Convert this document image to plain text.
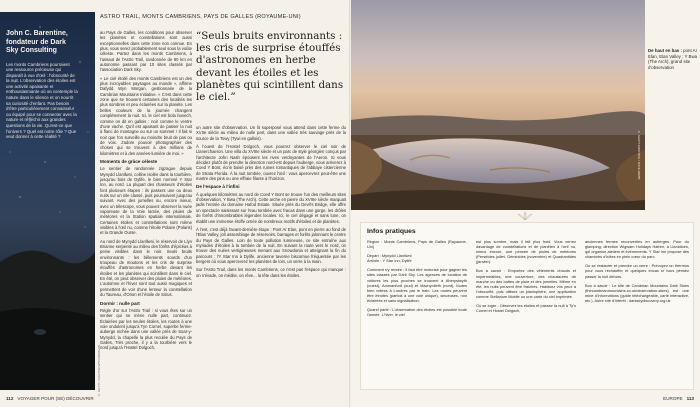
ASTRO TRAIL, MONTS CAMBRIENS, PAYS DE GALLES (ROYAUME-UNI)
John C. Barentine, fondateur de Dark Sky Consulting
Les monts Cambriens pourraient une ressource précieuse qui disparaît à vue d'œil : l'obscurité de la nuit. L'observation des étoiles est une activité apaisante et enthousiasmante où on contemple la nature dans le silence et on nourrit sa curiosité d'enfant. Pas besoin d'être particulièrement connaisseur ou équipé pour se connecter avec la nature et réfléchir aux grandes questions de la vie. Qu'est-ce que l'univers ? Quel est notre rôle ? Que veut donner à cette réalité ?

au Pays de Galles, les conditions pour observer les planètes et constellations sont aussi exceptionnelles dans cette zone non connue. En plus, vous serez probablement seul sous la voûte céleste. Partez dans les monts Cambriens, à l'assaut de l'Astro Trail, randonnée de 80 km en autonomie passant par 10 sites classés par l'association Dark Sky.

« Le ciel étoilé des monts Cambriens est un des plus incroyables paysages au monde », affirme Dafydd Wyn Morgan, gestionnaire de la Cambrian Mountains Initiative. « C'est dans cette zone que se trouvent certaines des localités les plus sombres et peu éclairées sur la planète. Les belles couleurs de la journée changent complètement la nuit. Ici, le ciel est bola buvech, comme on dit en gallois : noir comme le ventre d'une vache. Qu'il est apaisant de passer la nuit à flanc de montagne ou sur un sommet ! Il fait si noir que l'on surveille au moindre bruit de pas ou de voix. J'adore pouvoir photographier des choses qui se trouvent à des millions de kilomètres et à des années-lumière de moi. »

Moments de grâce céleste

Le sentier de randonnée zigzague depuis Mynydd Llanllwni, colline isolée dans la tourbière, jusqu'au bois de Dylife, le bien nommé Y Star Inn, au nord. La plupart des chasseurs d'étoiles font plusieurs étapes : ils passent une ou deux nuits sur un site classé, puis poursuivent jusqu'au suivant. Avec des jumelles ou, encore mieux, avec un télescope, vous pouvez observer la nuée vaporeuse de la Voie lactée, des pluies de météores et la Station spatiale internationale. Certaines étoiles et constellations sont même visibles à l'œil nu, comme l'étoile Polaire (Polaris) et la Grande Ourse.

Au nord de Mynydd Llanllwni, le réservoir de Llyn Brianne serpente au milieu des forêts d'épicéas à peine visibles dans le noir. Seuls bruits environnants : les bêlements sourds d'un troupeau de moutons et les cris de surprise étouffés d'astronomes en herbe devant les étoiles et les planètes qui scintillent dans le ciel. En été, on peut observer des pluies de météores. L'automne et l'hiver sont tout aussi magiques et permettent de voir d'une lenteur la constellation du Taureau, d'Orion et l'étoile de Sirius.

Dormir : nulle part

Règle d'or sur l'Astro Trail : si vous êtes sur un sentier qui ne mène nulle part, continuez. Éclairées par les seules étoiles, les routes à une voie ondulent jusqu'à Tyn Cornel, superbe ferme-auberge nichée dans une vallée près de Soar-y-Mynydd, la chapelle la plus reculée du Pays de Galles. Très proche, il y a la tourbière vers le nord jusqu'à l'Hostel Dolgoch,

“Seuls bruits environnants : les cris de surprise étouffés d'astronomes en herbe devant les étoiles et les planètes qui scintillent dans le ciel.”

un autre site d'observation. Un lit superposé vous attend dans cette ferme du XVIIe siècle au milieu de nulle part, dans une vallée très sauvage près de la source de la Towy (Tywi en gallois).

À l'ouest de l'Hostel Dolgoch, vous pourrez observer le ciel noir de Llanerchaeron. Une villa du XVIIIe siècle et un parc de style géorgien conçus par l'architecte John Nash épousent les rives verdoyantes de l'Aeron. Si vous décidez plutôt de prendre la direction nord-est depuis l'auberge, vous arriverez à Coed Y Bont, écrin boisé près des ruines romantiques de l'abbaye cistercienne de Strata Florida. À la nuit tombée, ouvrez l'œil : vous apercevrez peut-être une martre des pins ou une effraie filante à l'horizon.

De l'espace à l'infini

À quelques kilomètres au nord de Coed Y Bont se trouve l'un des meilleurs sites d'observation, Y Bwa (The Arch). Cette arche en pierre du XVIIIe siècle marquait jadis l'entrée du domaine Hafod Estate. Située près du Devil's Bridge, elle offre un spectacle saisissant sur l'eau tombée avec fracas dans une gorge, les drôles de forêts d'innombrables légendes locales. Ici, le ciel dégagé et sans lune, on établit une immense étoffe ornée de nombreux motifs d'étoiles et de planètes.

À l'est, c'est déjà l'avant-dernière étape : Pont Ar Elan, pont en pierre au fond de l'Elan Valley, joli assemblage de réservoirs, barrages et forêts jalonnant le centre du Pays de Galles. Loin de toute pollution lumineuse, ce site entraîne aux myriades d'étoiles à la tombée de la nuit. En suivant la route vers le nord, on trouve des nuées vertigineuses menant aux Snowdonia et atteignant la fin du parcours : l'Y Star Inn à Dylife, ancienne taverne biscornue fréquentée par les bergers où vous apercevrez les planètes de loin, un verre à la main.

Sur l'Astro Trail, dans les monts Cambriens, ce n'est pas l'espace qui manque : on s'évade, on médite, on rêve... la tête dans les étoiles.

© GETTY / DAFYDD WYN MORGAN
112 VOYAGER POUR (SE) DÉCOUVRIR
© SHUTTERSTOCK / DAVE WEBB
De haut en bas : pont Ar Elan, Elan Valley ; Y Bwa (The Arch), grand site d'observation
Infos pratiques

Région : Monts Cambriens, Pays de Galles (Royaume-Uni)

Départ : Mynydd Llanllwni

Arrivée : Y Star Inn, Dylife

Comment s'y rendre : Il faut être motorisé pour gagner les sites classés par Dark Sky. Les agences de location de voitures les plus proches se trouvent à Aberystwyth (ouest), Ammanford (sud) et Machynlleth (nord), toutes bien reliées à Londres par le train. Les routes peuvent être étroites (parfois à une voie unique), sinueuses, non éclairées et sans signalisation.

Quand partir : L'observation des étoiles est possible toute l'année. L'hiver, le ciel

est plus sombre, mais il fait plus froid. Vous verrez davantage de constellations et de planètes à l'œil nu, mieux encore, une pensée de pluies de météores (Perséides juillet, Géminides (novembre) et Quadrantides (janvier).

Bon à savoir : Emportez des vêtements chauds et imperméables, une couverture, des chaussures de marche ou des bottes de pluie et des jumelles. Même en été, les nuits peuvent être fraîches. Habituez vos yeux à l'obscurité, puis utilisez un planisphère, une application comme Stellarium Mobile ou une carte du ciel imprimée.

Où se loger : Observez les étoiles et passez la nuit à Ty'n Cornel et Hostel Dolgoch,

anciennes fermes reconverties en auberges. Pour du glamping, direction Wigwam Holidays Hafren, à Llanidloes, qui organise ateliers et événements. Y Star Inn propose des chambres d'hôtes en plein cœur du parc.

Où se restaurer et prendre un verre : Prévoyez un thermos pour vous réchauffer et quelques encas si vous pensez passer la nuit dehors.

Bon à savoir : Le site de Cambrian Mountains Dark Skies (thecambrianmountains.co.uk/observation-skies) est une mine d'informations (guide téléchargeable, carte interactive, etc.). Autre site d'intérêt : darkskydiscovery.org.uk

EUROPE 113
